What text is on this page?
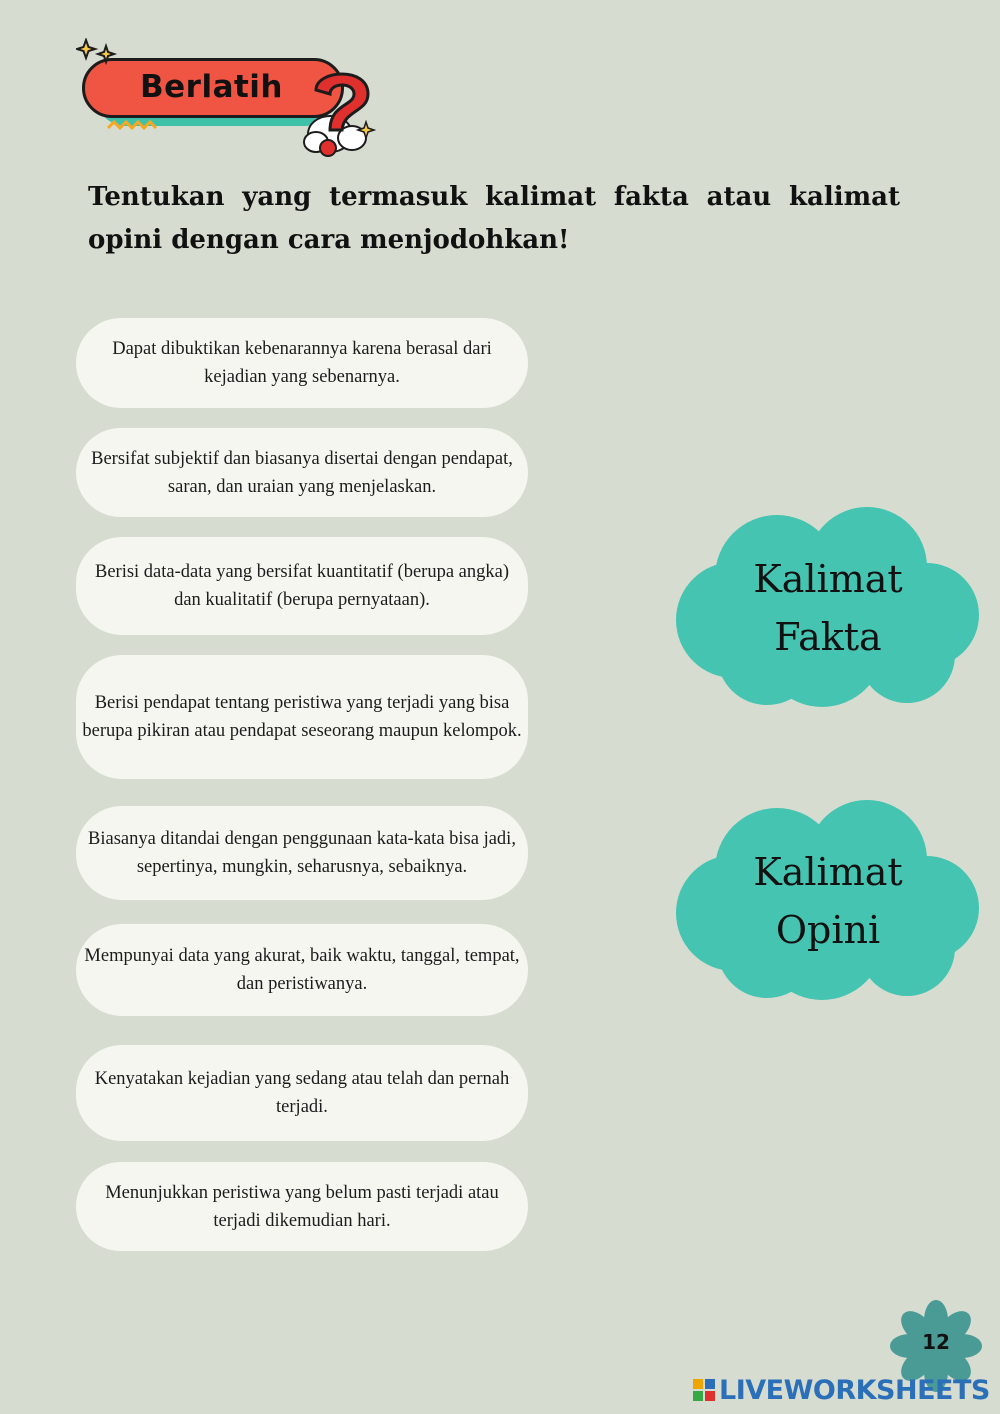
Berlatih
Tentukan yang termasuk kalimat fakta atau kalimat opini dengan cara menjodohkan!
Dapat dibuktikan kebenarannya karena berasal dari kejadian yang sebenarnya.
Bersifat subjektif dan biasanya disertai dengan pendapat, saran, dan uraian yang menjelaskan.
Berisi data-data yang bersifat kuantitatif (berupa angka) dan kualitatif (berupa pernyataan).
Berisi pendapat tentang peristiwa yang terjadi yang bisa berupa pikiran atau pendapat seseorang maupun kelompok.
Biasanya ditandai dengan penggunaan kata-kata bisa jadi, sepertinya, mungkin, seharusnya, sebaiknya.
Mempunyai data yang akurat, baik waktu, tanggal, tempat, dan peristiwanya.
Kenyatakan kejadian yang sedang atau telah dan pernah terjadi.
Menunjukkan peristiwa yang belum pasti terjadi atau terjadi dikemudian hari.
Kalimat
Fakta
Kalimat
Opini
12
LIVEWORKSHEETS
